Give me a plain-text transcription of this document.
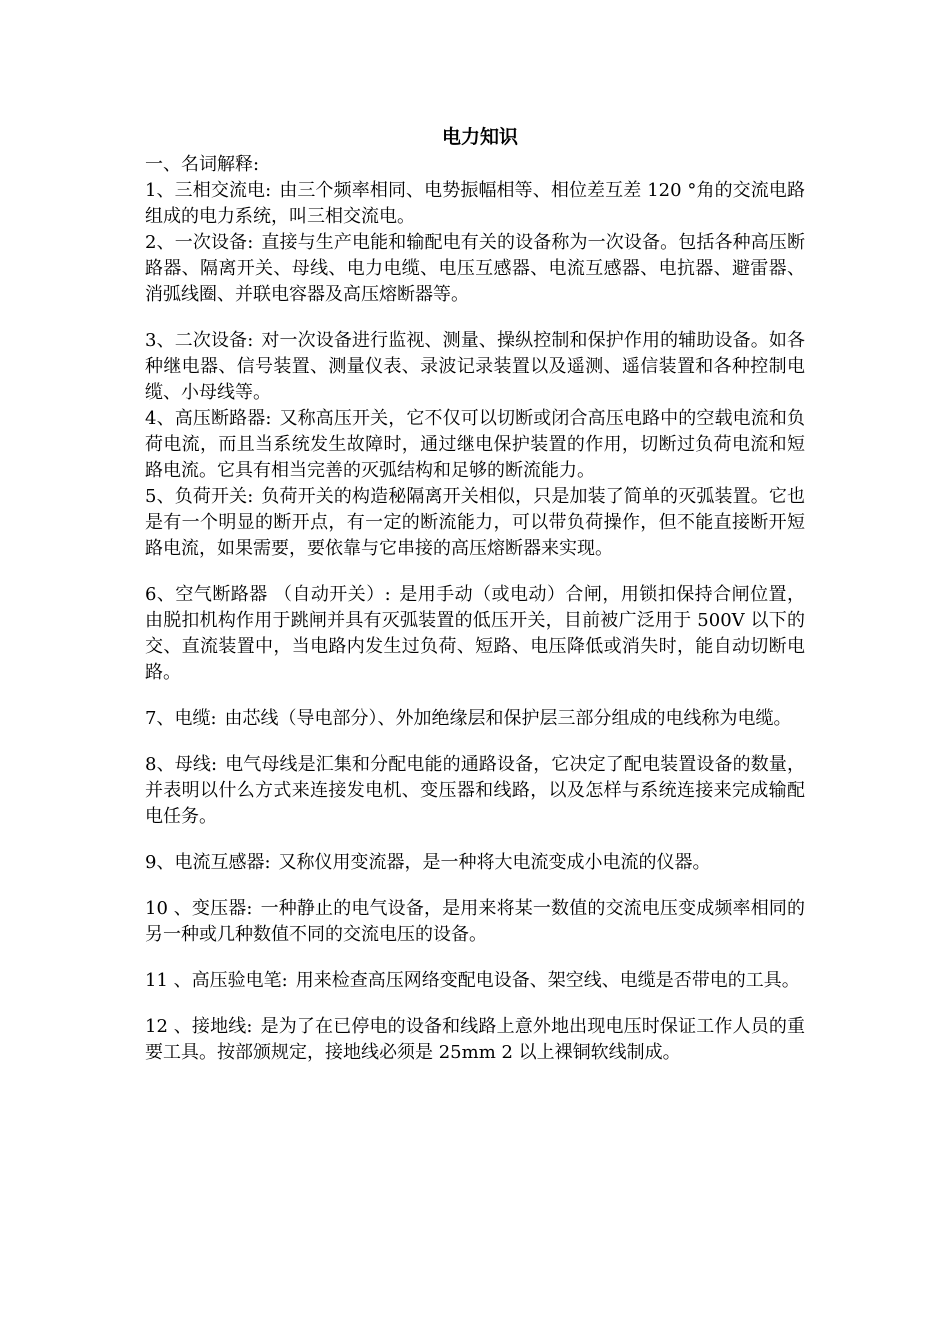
电力知识
一、名词解释:

1、三相交流电: 由三个频率相同、电势振幅相等、相位差互差 120 °角的交流电路组成的电力系统，叫三相交流电。

2、一次设备: 直接与生产电能和输配电有关的设备称为一次设备。包括各种高压断路器、隔离开关、母线、电力电缆、电压互感器、电流互感器、电抗器、避雷器、消弧线圈、并联电容器及高压熔断器等。

3、二次设备: 对一次设备进行监视、测量、操纵控制和保护作用的辅助设备。如各种继电器、信号装置、测量仪表、录波记录装置以及遥测、遥信装置和各种控制电缆、小母线等。

4、高压断路器: 又称高压开关，它不仅可以切断或闭合高压电路中的空载电流和负荷电流，而且当系统发生故障时，通过继电保护装置的作用，切断过负荷电流和短路电流。它具有相当完善的灭弧结构和足够的断流能力。

5、负荷开关: 负荷开关的构造秘隔离开关相似，只是加装了简单的灭弧装置。它也是有一个明显的断开点，有一定的断流能力，可以带负荷操作，但不能直接断开短路电流，如果需要，要依靠与它串接的高压熔断器来实现。

6、空气断路器 （自动开关）: 是用手动（或电动）合闸，用锁扣保持合闸位置，由脱扣机构作用于跳闸并具有灭弧装置的低压开关，目前被广泛用于 500V 以下的交、直流装置中，当电路内发生过负荷、短路、电压降低或消失时，能自动切断电路。

7、电缆: 由芯线（导电部分）、外加绝缘层和保护层三部分组成的电线称为电缆。

8、母线: 电气母线是汇集和分配电能的通路设备，它决定了配电装置设备的数量，并表明以什么方式来连接发电机、变压器和线路，以及怎样与系统连接来完成输配电任务。

9、电流互感器: 又称仪用变流器，是一种将大电流变成小电流的仪器。

10 、变压器: 一种静止的电气设备，是用来将某一数值的交流电压变成频率相同的另一种或几种数值不同的交流电压的设备。

11 、高压验电笔: 用来检查高压网络变配电设备、架空线、电缆是否带电的工具。

12 、接地线: 是为了在已停电的设备和线路上意外地出现电压时保证工作人员的重要工具。按部颁规定，接地线必须是 25mm 2 以上裸铜软线制成。
